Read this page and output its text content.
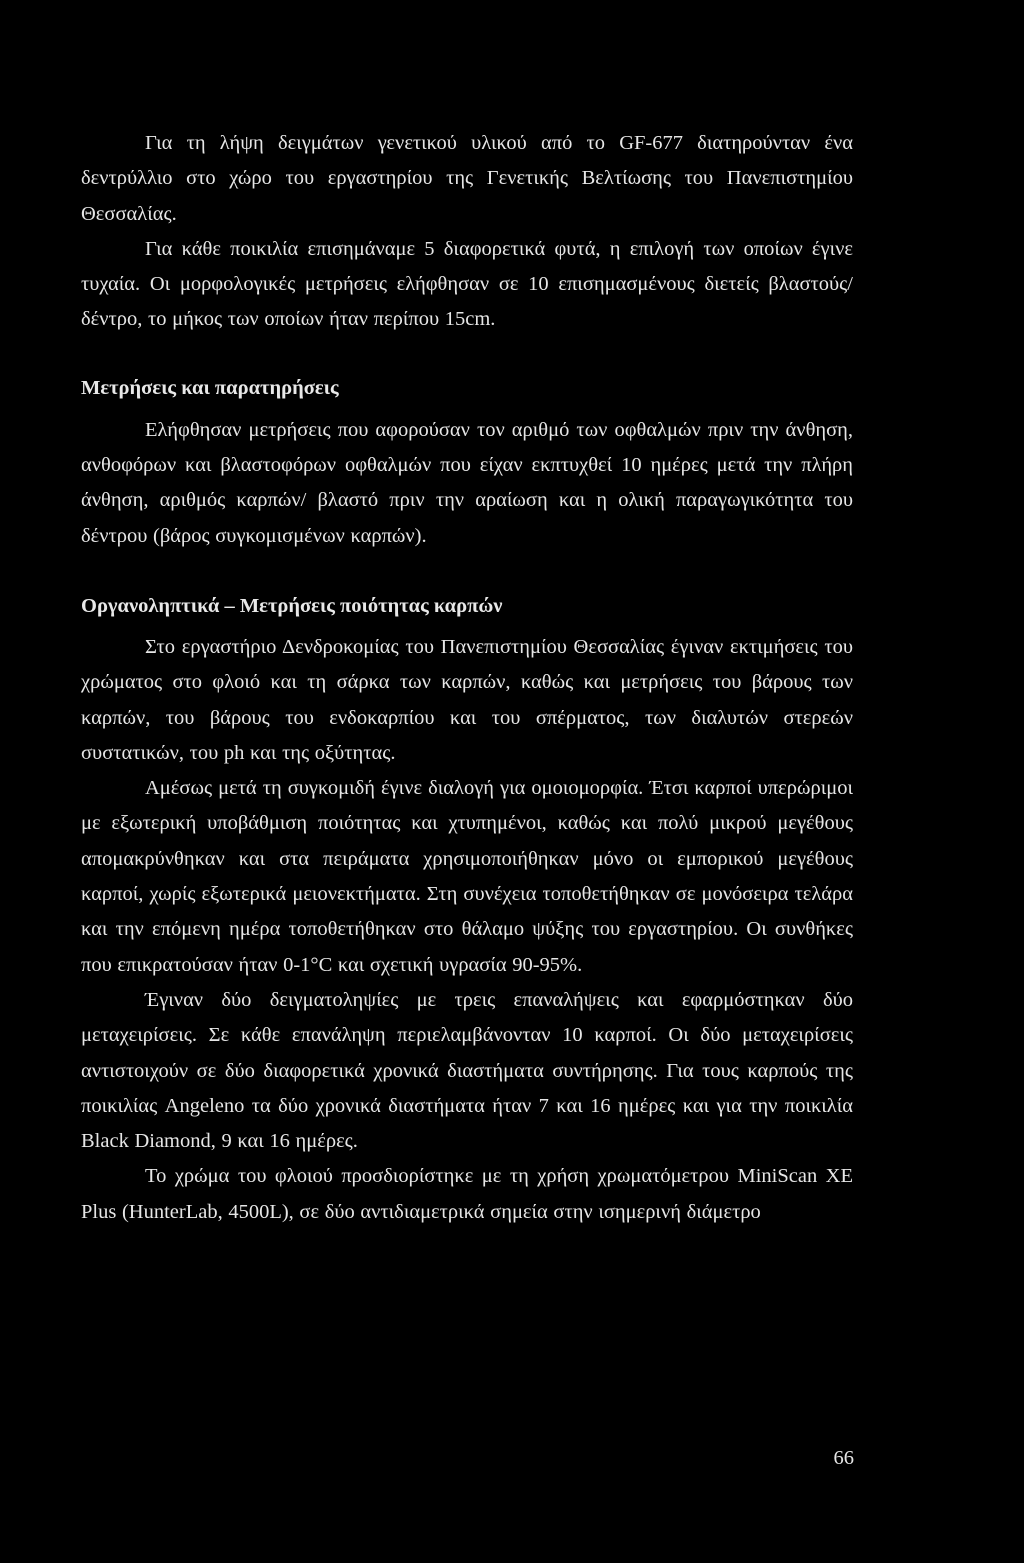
Για τη λήψη δειγμάτων γενετικού υλικού από το GF-677 διατηρούνταν ένα δεντρύλλιο στο χώρο του εργαστηρίου της Γενετικής Βελτίωσης του Πανεπιστημίου Θεσσαλίας.

Για κάθε ποικιλία επισημάναμε 5 διαφορετικά φυτά, η επιλογή των οποίων έγινε τυχαία. Οι μορφολογικές μετρήσεις ελήφθησαν σε 10 επισημασμένους διετείς βλαστούς/ δέντρο, το μήκος των οποίων ήταν περίπου 15cm.

Μετρήσεις και παρατηρήσεις

Ελήφθησαν μετρήσεις που αφορούσαν τον αριθμό των οφθαλμών πριν την άνθηση, ανθοφόρων και βλαστοφόρων οφθαλμών που είχαν εκπτυχθεί 10 ημέρες μετά την πλήρη άνθηση, αριθμός καρπών/ βλαστό πριν την αραίωση και η ολική παραγωγικότητα του δέντρου (βάρος συγκομισμένων καρπών).

Οργανοληπτικά – Μετρήσεις ποιότητας καρπών

Στο εργαστήριο Δενδροκομίας του Πανεπιστημίου Θεσσαλίας έγιναν εκτιμήσεις του χρώματος στο φλοιό και τη σάρκα των καρπών, καθώς και μετρήσεις του βάρους των καρπών, του βάρους του ενδοκαρπίου και του σπέρματος, των διαλυτών στερεών συστατικών, του ph και της οξύτητας.

Αμέσως μετά τη συγκομιδή έγινε διαλογή για ομοιομορφία. Έτσι καρποί υπερώριμοι με εξωτερική υποβάθμιση ποιότητας και χτυπημένοι, καθώς και πολύ μικρού μεγέθους απομακρύνθηκαν και στα πειράματα χρησιμοποιήθηκαν μόνο οι εμπορικού μεγέθους καρποί, χωρίς εξωτερικά μειονεκτήματα. Στη συνέχεια τοποθετήθηκαν σε μονόσειρα τελάρα και την επόμενη ημέρα τοποθετήθηκαν στο θάλαμο ψύξης του εργαστηρίου. Οι συνθήκες που επικρατούσαν ήταν 0-1°C και σχετική υγρασία 90-95%.

Έγιναν δύο δειγματοληψίες με τρεις επαναλήψεις και εφαρμόστηκαν δύο μεταχειρίσεις. Σε κάθε επανάληψη περιελαμβάνονταν 10 καρποί. Οι δύο μεταχειρίσεις αντιστοιχούν σε δύο διαφορετικά χρονικά διαστήματα συντήρησης. Για τους καρπούς της ποικιλίας Angeleno τα δύο χρονικά διαστήματα ήταν 7 και 16 ημέρες και για την ποικιλία Black Diamond, 9 και 16 ημέρες.

Το χρώμα του φλοιού προσδιορίστηκε με τη χρήση χρωματόμετρου MiniScan XE Plus (HunterLab, 4500L), σε δύο αντιδιαμετρικά σημεία στην ισημερινή διάμετρο

66
